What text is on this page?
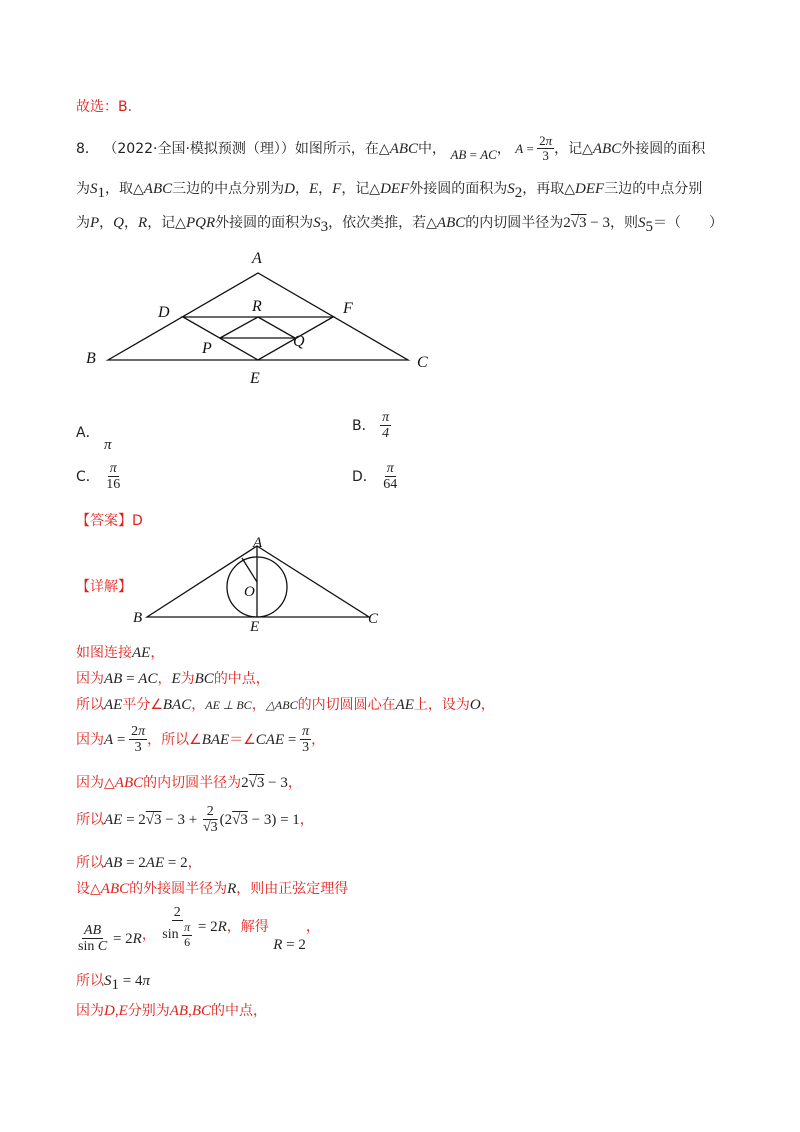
故选：B.
8． （2022·全国·模拟预测（理））如图所示，在△ABC中， AB = AC， $A = \frac{2\pi}{3}$ ，记△ABC外接圆的面积
为$S_1$，取△ABC三边的中点分别为D，E，F，记△DEF外接圆的面积为$S_2$，再取△DEF三边的中点分别
为P，Q，R，记△PQR外接圆的面积为$S_3$，依次类推，若△ABC的内切圆半径为2√3 − 3，则$S_5=$（　　）
A
D	R	F
B
P	Q
C
E
A． π
B． $\frac{\pi}{4}$
C． $\frac{\pi}{16}$	D． $\frac{\pi}{64}$
【答案】D
【详解】
A
O
B
E	C
如图连接AE，
因为AB = AC，E为BC的中点，
所以AE平分∠BAC，AE ⊥ BC，△ABC的内切圆圆心在AE上，设为O，
因为$A = \frac{2\pi}{3}$ ，所以∠BAE＝∠CAE = $\frac{\pi}{3}$ ，
因为△ABC的内切圆半径为2√3 − 3，
所以AE = $2√3 - 3 + \frac{2}{√3} (2√3 - 3) = 1$，
所以AB = 2AE = 2，
设△ABC的外接圆半径为R，则由正弦定理得
$\frac{AB}{\text{sin C}} = 2R$， $\frac{2}{\sin \frac{\pi}{6}} = 2R$，解得 R = 2，
所以$S_1 = 4\pi$
因为D,E分别为AB,BC的中点，
